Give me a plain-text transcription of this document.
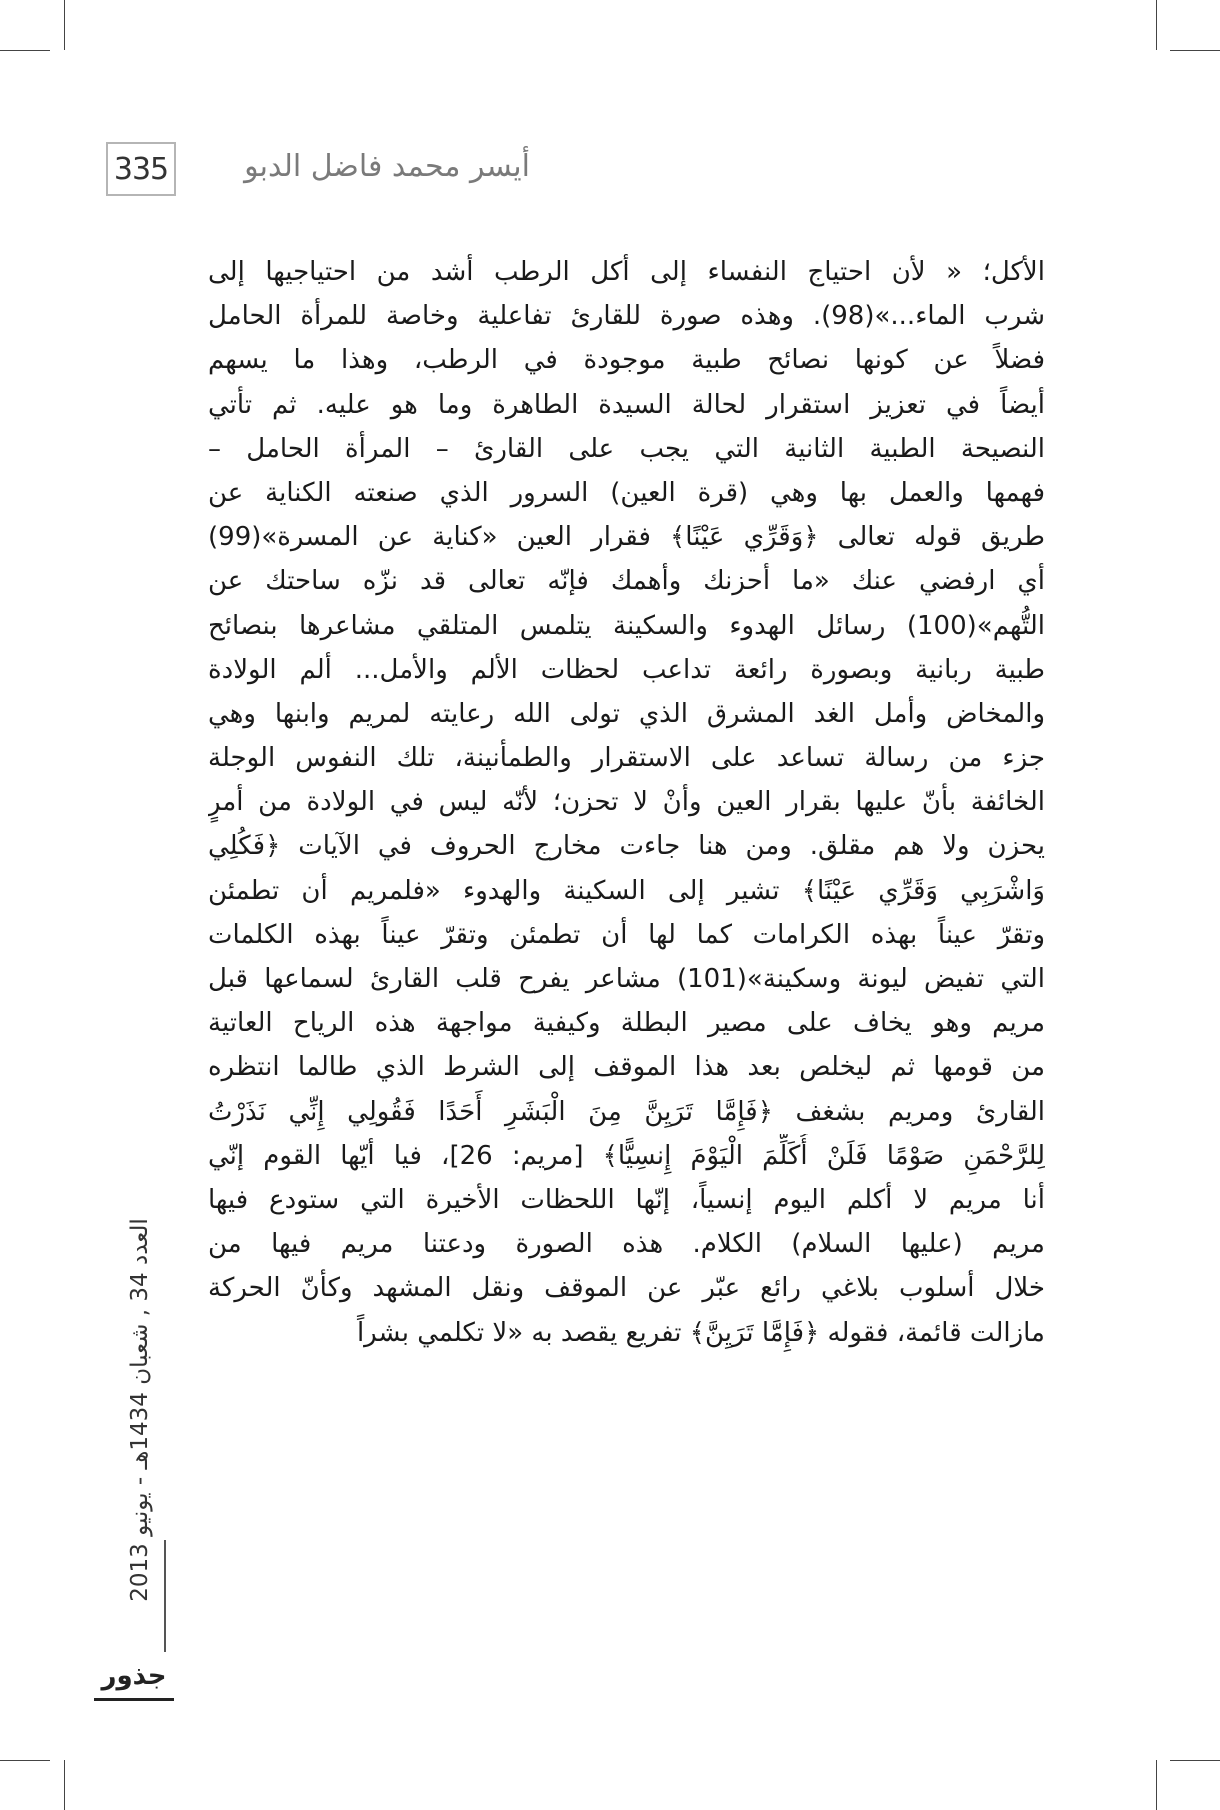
335	أيسر محمد فاضل الدبو
الأكل؛ « لأن احتياج النفساء إلى أكل الرطب أشد من احتياجيها إلى
شرب الماء...»(98). وهذه صورة للقارئ تفاعلية وخاصة للمرأة الحامل
فضلاً عن كونها نصائح طبية موجودة في الرطب، وهذا ما يسهم
أيضاً في تعزيز استقرار لحالة السيدة الطاهرة وما هو عليه. ثم تأتي
النصيحة الطبية الثانية التي يجب على القارئ – المرأة الحامل –
فهمها والعمل بها وهي (قرة العين) السرور الذي صنعته الكناية عن
طريق قوله تعالى ﴿وَقَرِّي عَيْنًا﴾ فقرار العين «كناية عن المسرة»(99)
أي ارفضي عنك «ما أحزنك وأهمك فإنّه تعالى قد نزّه ساحتك عن
التُّهم»(100) رسائل الهدوء والسكينة يتلمس المتلقي مشاعرها بنصائح
طبية ربانية وبصورة رائعة تداعب لحظات الألم والأمل... ألم الولادة
والمخاض وأمل الغد المشرق الذي تولى الله رعايته لمريم وابنها وهي
جزء من رسالة تساعد على الاستقرار والطمأنينة، تلك النفوس الوجلة
الخائفة بأنّ عليها بقرار العين وأنْ لا تحزن؛ لأنّه ليس في الولادة من أمرٍ
يحزن ولا هم مقلق. ومن هنا جاءت مخارج الحروف في الآيات ﴿فَكُلِي
وَاشْرَبِي وَقَرِّي عَيْنًا﴾ تشير إلى السكينة والهدوء «فلمريم أن تطمئن
وتقرّ عيناً بهذه الكرامات كما لها أن تطمئن وتقرّ عيناً بهذه الكلمات
التي تفيض ليونة وسكينة»(101) مشاعر يفرح قلب القارئ لسماعها قبل
مريم وهو يخاف على مصير البطلة وكيفية مواجهة هذه الرياح العاتية
من قومها ثم ليخلص بعد هذا الموقف إلى الشرط الذي طالما انتظره
القارئ ومريم بشغف ﴿فَإِمَّا تَرَيِنَّ مِنَ الْبَشَرِ أَحَدًا فَقُولِي إِنِّي نَذَرْتُ
لِلرَّحْمَنِ صَوْمًا فَلَنْ أُكَلِّمَ الْيَوْمَ إِنسِيًّا﴾ [مريم: 26]، فيا أيّها القوم إنّي
أنا مريم لا أكلم اليوم إنسياً، إنّها اللحظات الأخيرة التي ستودع فيها
مريم (عليها السلام) الكلام. هذه الصورة ودعتنا مريم فيها من
خلال أسلوب بلاغي رائع عبّر عن الموقف ونقل المشهد وكأنّ الحركة
مازالت قائمة، فقوله ﴿فَإِمَّا تَرَيِنَّ﴾ تفريع يقصد به «لا تكلمي بشراً
العدد 34 , شعبان 1434هـ - يونيو 2013
جذور
